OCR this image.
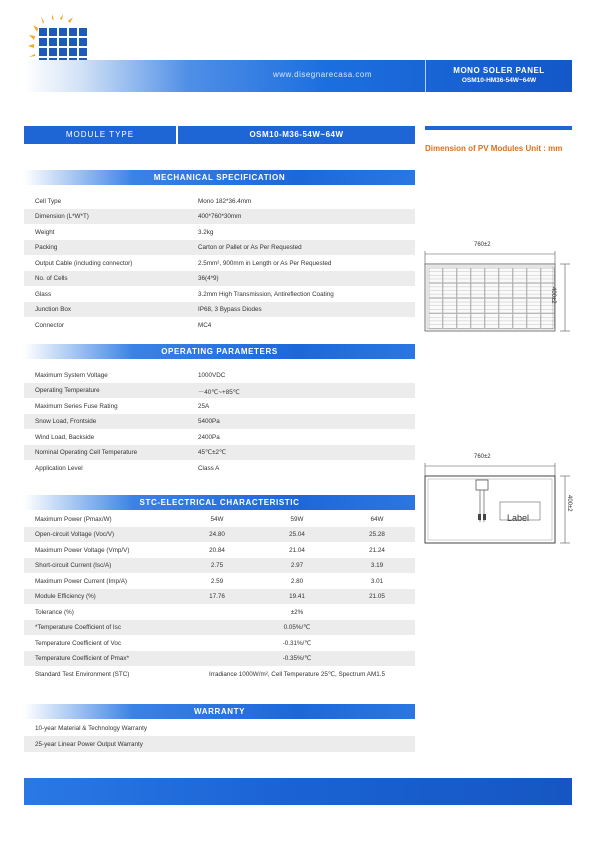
www.disegnarecasa.com	MONO SOLER PANEL
OSM10-HM36-54W~64W
MODULE TYPE	OSM10-M36-54W~64W
Dimension of PV Modules Unit : mm
MECHANICAL SPECIFICATION
Cell Type	Mono 182*36.4mm
Dimension (L*W*T)	400*760*30mm
Weight	3.2kg
Packing	Carton or Pallet or As Per Requested
Output Cable (including connector)	2.5mm², 900mm in Length or As Per Requested
No. of Cells	36(4*9)
Glass	3.2mm High Transmission, Antireflection Coating
Junction Box	IP68, 3 Bypass Diodes
Connector	MC4
OPERATING PARAMETERS
Maximum System Voltage	1000VDC
Operating Temperature	－40℃~+85℃
Maximum Series Fuse Rating	25A
Snow Load, Frontside	5400Pa
Wind Load, Backside	2400Pa
Nominal Operating Cell Temperature	45℃±2℃
Application Level	Class A
STC-ELECTRICAL CHARACTERISTIC
Maximum Power (Pmax/W)	54W	59W	64W
Open-circuit Voltage (Voc/V)	24.80	25.04	25.28
Maximum Power Voltage (Vmp/V)	20.84	21.04	21.24
Short-circuit Current (Isc/A)	2.75	2.97	3.19
Maximum Power Current (Imp/A)	2.59	2.80	3.01
Module Efficiency (%)	17.76	19.41	21.05
Tolerance (%)	±2%
*Temperature Coefficient of Isc	0.05%/℃
Temperature Coefficient of Voc	-0.31%/℃
Temperature Coefficient of Pmax*	-0.35%/℃
Standard Test Environment (STC)	Irradiance 1000W/m², Cell Temperature 25℃, Spectrum AM1.5
WARRANTY
10-year Material & Technology Warranty
25-year Linear Power Output Warranty
760±2
400±2
760±2
Label
400±2
